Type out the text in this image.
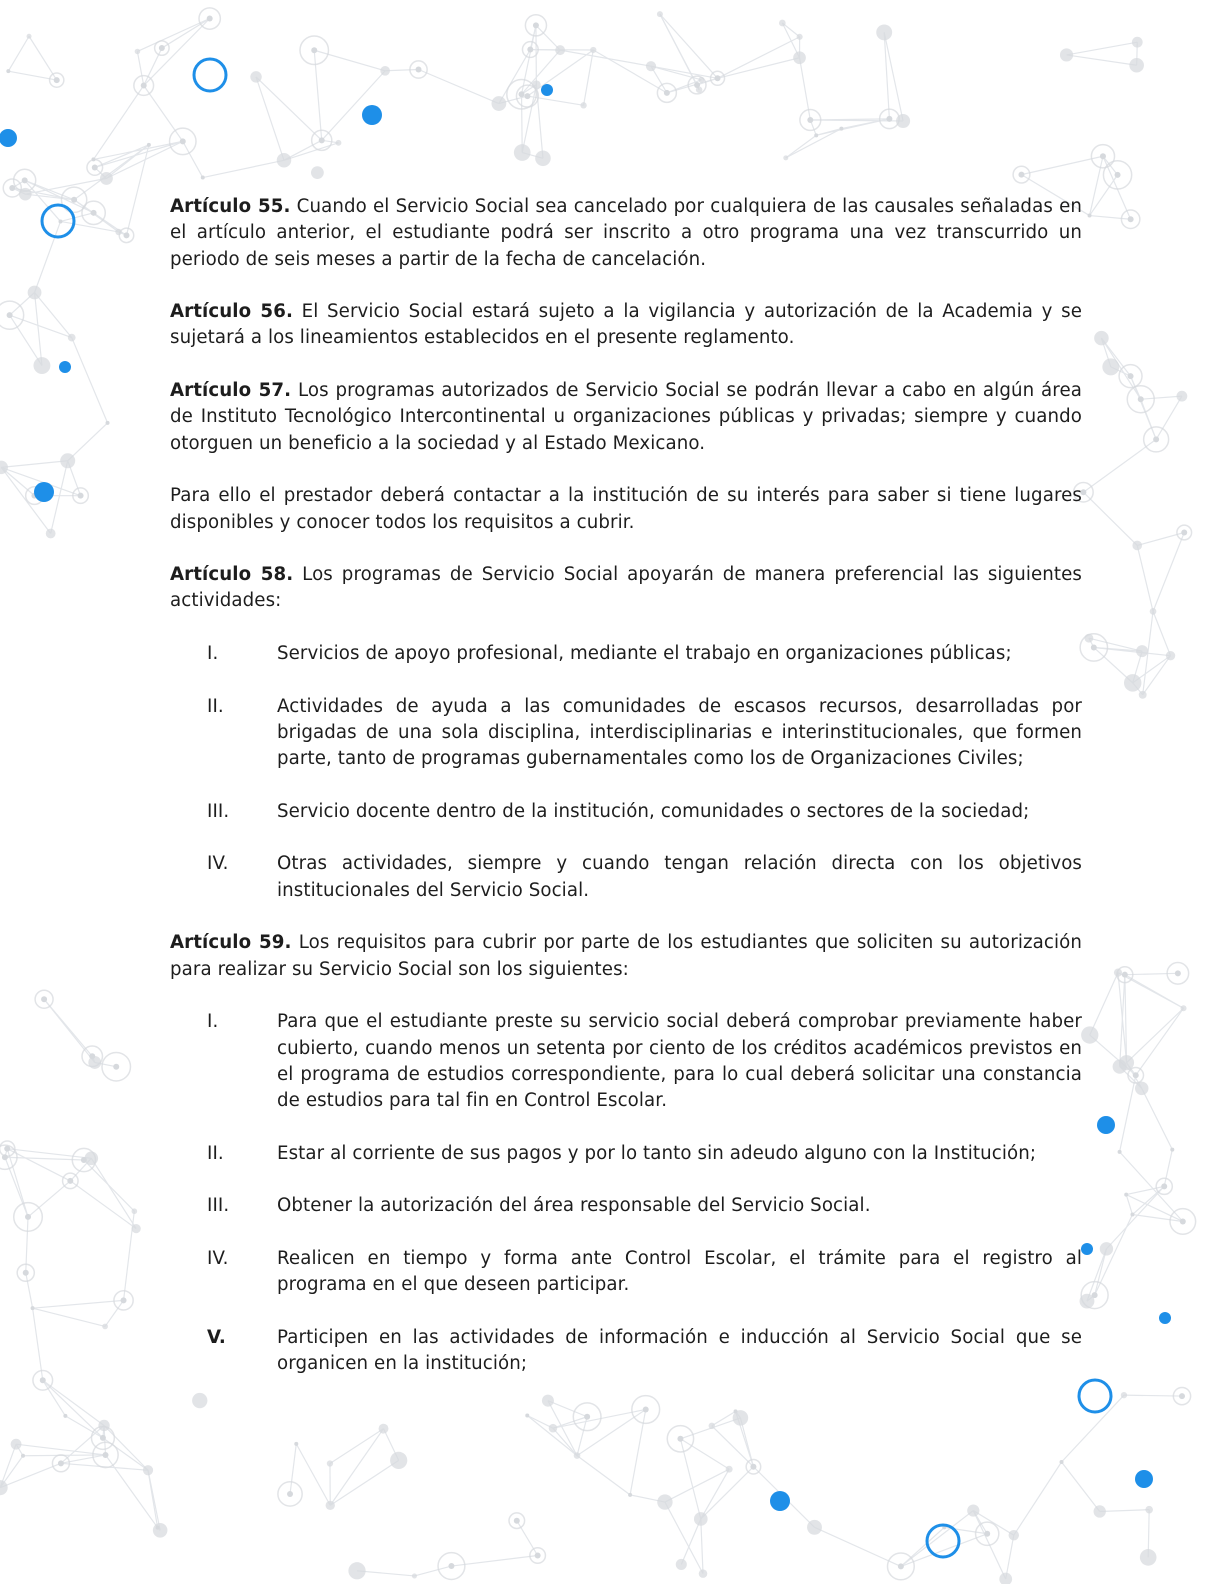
Artículo 55. Cuando el Servicio Social sea cancelado por cualquiera de las causales señaladas en el artículo anterior, el estudiante podrá ser inscrito a otro programa una vez transcurrido un periodo de seis meses a partir de la fecha de cancelación.

Artículo 56. El Servicio Social estará sujeto a la vigilancia y autorización de la Academia y se sujetará a los lineamientos establecidos en el presente reglamento.

Artículo 57. Los programas autorizados de Servicio Social se podrán llevar a cabo en algún área de Instituto Tecnológico Intercontinental u organizaciones públicas y privadas; siempre y cuando otorguen un beneficio a la sociedad y al Estado Mexicano.

Para ello el prestador deberá contactar a la institución de su interés para saber si tiene lugares disponibles y conocer todos los requisitos a cubrir.

Artículo 58. Los programas de Servicio Social apoyarán de manera preferencial las siguientes actividades:

I.	Servicios de apoyo profesional, mediante el trabajo en organizaciones públicas;
II.	Actividades de ayuda a las comunidades de escasos recursos, desarrolladas por brigadas de una sola disciplina, interdisciplinarias e interinstitucionales, que formen parte, tanto de programas gubernamentales como los de Organizaciones Civiles;
III.	Servicio docente dentro de la institución, comunidades o sectores de la sociedad;
IV.	Otras actividades, siempre y cuando tengan relación directa con los objetivos institucionales del Servicio Social.

Artículo 59. Los requisitos para cubrir por parte de los estudiantes que soliciten su autorización para realizar su Servicio Social son los siguientes:

I.	Para que el estudiante preste su servicio social deberá comprobar previamente haber cubierto, cuando menos un setenta por ciento de los créditos académicos previstos en el programa de estudios correspondiente, para lo cual deberá solicitar una constancia de estudios para tal fin en Control Escolar.
II.	Estar al corriente de sus pagos y por lo tanto sin adeudo alguno con la Institución;
III.	Obtener la autorización del área responsable del Servicio Social.
IV.	Realicen en tiempo y forma ante Control Escolar, el trámite para el registro al programa en el que deseen participar.
V.	Participen en las actividades de información e inducción al Servicio Social que se organicen en la institución;
